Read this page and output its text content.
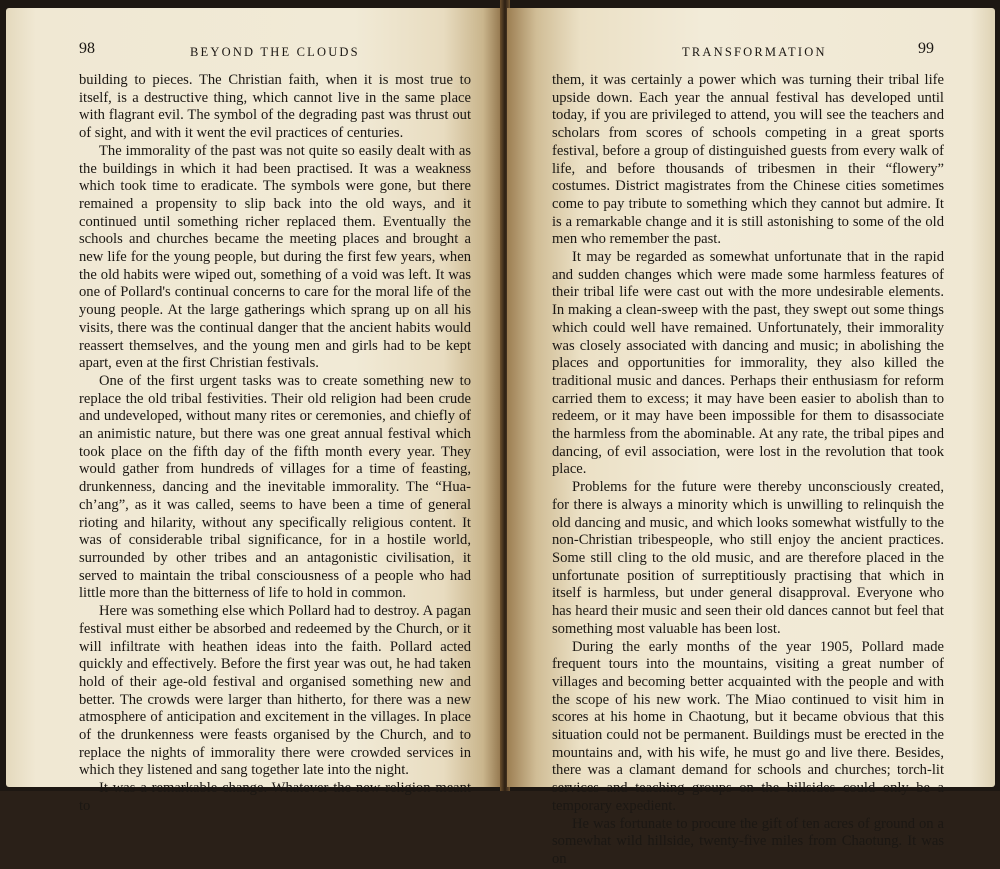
98	BEYOND THE CLOUDS

building to pieces. The Christian faith, when it is most true to itself, is a destructive thing, which cannot live in the same place with flagrant evil. The symbol of the degrading past was thrust out of sight, and with it went the evil practices of centuries.

The immorality of the past was not quite so easily dealt with as the buildings in which it had been practised. It was a weakness which took time to eradicate. The symbols were gone, but there remained a propensity to slip back into the old ways, and it continued until something richer replaced them. Eventually the schools and churches became the meeting places and brought a new life for the young people, but during the first few years, when the old habits were wiped out, something of a void was left. It was one of Pollard's continual concerns to care for the moral life of the young people. At the large gatherings which sprang up on all his visits, there was the continual danger that the ancient habits would reassert themselves, and the young men and girls had to be kept apart, even at the first Christian festivals.

One of the first urgent tasks was to create something new to replace the old tribal festivities. Their old religion had been crude and undeveloped, without many rites or ceremonies, and chiefly of an animistic nature, but there was one great annual festival which took place on the fifth day of the fifth month every year. They would gather from hundreds of villages for a time of feasting, drunkenness, dancing and the inevitable immorality. The “Hua-ch’ang”, as it was called, seems to have been a time of general rioting and hilarity, without any specifically religious content. It was of considerable tribal significance, for in a hostile world, surrounded by other tribes and an antagonistic civilisation, it served to maintain the tribal consciousness of a people who had little more than the bitterness of life to hold in common.

Here was something else which Pollard had to destroy. A pagan festival must either be absorbed and redeemed by the Church, or it will infiltrate with heathen ideas into the faith. Pollard acted quickly and effectively. Before the first year was out, he had taken hold of their age-old festival and organised something new and better. The crowds were larger than hitherto, for there was a new atmosphere of anticipation and excitement in the villages. In place of the drunkenness were feasts organised by the Church, and to replace the nights of immorality there were crowded services in which they listened and sang together late into the night.

It was a remarkable change. Whatever the new religion meant to

TRANSFORMATION	99

them, it was certainly a power which was turning their tribal life upside down. Each year the annual festival has developed until today, if you are privileged to attend, you will see the teachers and scholars from scores of schools competing in a great sports festival, before a group of distinguished guests from every walk of life, and before thousands of tribesmen in their “flowery” costumes. District magistrates from the Chinese cities sometimes come to pay tribute to something which they cannot but admire. It is a remarkable change and it is still astonishing to some of the old men who remember the past.

It may be regarded as somewhat unfortunate that in the rapid and sudden changes which were made some harmless features of their tribal life were cast out with the more undesirable elements. In making a clean-sweep with the past, they swept out some things which could well have remained. Unfortunately, their immorality was closely associated with dancing and music; in abolishing the places and opportunities for immorality, they also killed the traditional music and dances. Perhaps their enthusiasm for reform carried them to excess; it may have been easier to abolish than to redeem, or it may have been impossible for them to disassociate the harmless from the abominable. At any rate, the tribal pipes and dancing, of evil association, were lost in the revolution that took place.

Problems for the future were thereby unconsciously created, for there is always a minority which is unwilling to relinquish the old dancing and music, and which looks somewhat wistfully to the non-Christian tribespeople, who still enjoy the ancient practices. Some still cling to the old music, and are therefore placed in the unfortunate position of surreptitiously practising that which in itself is harmless, but under general disapproval. Everyone who has heard their music and seen their old dances cannot but feel that something most valuable has been lost.

During the early months of the year 1905, Pollard made frequent tours into the mountains, visiting a great number of villages and becoming better acquainted with the people and with the scope of his new work. The Miao continued to visit him in scores at his home in Chaotung, but it became obvious that this situation could not be permanent. Buildings must be erected in the mountains and, with his wife, he must go and live there. Besides, there was a clamant demand for schools and churches; torch-lit services and teaching groups on the hillsides could only be a temporary expedient.

He was fortunate to procure the gift of ten acres of ground on a somewhat wild hillside, twenty-five miles from Chaotung. It was on
